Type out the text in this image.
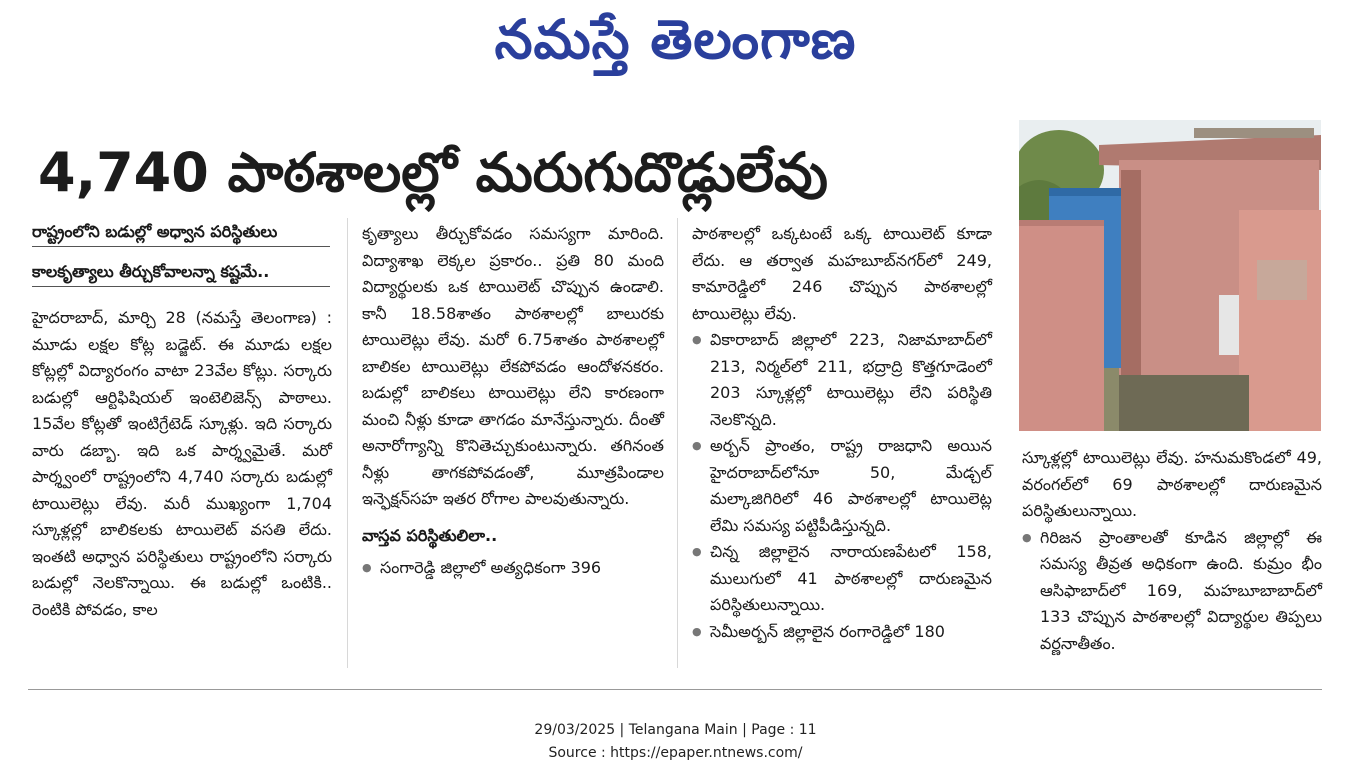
నమస్తే తెలంగాణ
4,740 పాఠశాలల్లో మరుగుదొడ్లులేవు
రాష్ట్రంలోని బడుల్లో అధ్వాన పరిస్థితులు
కాలకృత్యాలు తీర్చుకోవాలన్నా కష్టమే..

హైదరాబాద్, మార్చి 28 (నమస్తే తెలంగాణ) : మూడు లక్షల కోట్ల బడ్జెట్. ఈ మూడు లక్షల కోట్లల్లో విద్యారంగం వాటా 23వేల కోట్లు. సర్కారు బడుల్లో ఆర్టిఫిషియల్ ఇంటెలిజెన్స్ పాఠాలు. 15వేల కోట్లతో ఇంటిగ్రేటెడ్ స్కూళ్లు. ఇది సర్కారు వారు డబ్బా. ఇది ఒక పార్శ్వమైతే. మరో పార్శ్వంలో రాష్ట్రంలోని 4,740 సర్కారు బడుల్లో టాయిలెట్లు లేవు. మరీ ముఖ్యంగా 1,704 స్కూళ్లల్లో బాలికలకు టాయిలెట్ వసతి లేదు. ఇంతటి అధ్వాన పరిస్థితులు రాష్ట్రంలోని సర్కారు బడుల్లో నెలకొన్నాయి. ఈ బడుల్లో ఒంటికి.. రెంటికి పోవడం, కాల

కృత్యాలు తీర్చుకోవడం సమస్యగా మారింది. విద్యాశాఖ లెక్కల ప్రకారం.. ప్రతి 80 మంది విద్యార్థులకు ఒక టాయిలెట్ చొప్పున ఉండాలి. కానీ 18.58శాతం పాఠశాలల్లో బాలురకు టాయిలెట్లు లేవు. మరో 6.75శాతం పాఠశాలల్లో బాలికల టాయిలెట్లు లేకపోవడం ఆందోళనకరం. బడుల్లో బాలికలు టాయిలెట్లు లేని కారణంగా మంచి నీళ్లు కూడా తాగడం మానేస్తున్నారు. దీంతో అనారోగ్యాన్ని కొనితెచ్చుకుంటున్నారు. తగినంత నీళ్లు తాగకపోవడంతో, మూత్రపిండాల ఇన్ఫెక్షన్‌సహ ఇతర రోగాల పాలవుతున్నారు.

వాస్తవ పరిస్థితులిలా..

● సంగారెడ్డి జిల్లాలో అత్యధికంగా 396

పాఠశాలల్లో ఒక్కటంటే ఒక్క టాయిలెట్ కూడా లేదు. ఆ తర్వాత మహబూబ్‌నగర్‌లో 249, కామారెడ్డిలో 246 చొప్పున పాఠశాలల్లో టాయిలెట్లు లేవు.

● వికారాబాద్ జిల్లాలో 223, నిజామాబాద్‌లో 213, నిర్మల్‌లో 211, భద్రాద్రి కొత్తగూడెంలో 203 స్కూళ్లల్లో టాయిలెట్లు లేని పరిస్థితి నెలకొన్నది.

● అర్బన్ ప్రాంతం, రాష్ట్ర రాజధాని అయిన హైదరాబాద్‌లోనూ 50, మేడ్చల్ మల్కాజిగిరిలో 46 పాఠశాలల్లో టాయిలెట్ల లేమి సమస్య పట్టిపీడిస్తున్నది.

● చిన్న జిల్లాలైన నారాయణపేటలో 158, ములుగులో 41 పాఠశాలల్లో దారుణమైన పరిస్థితులున్నాయి.

● సెమీఅర్బన్ జిల్లాలైన రంగారెడ్డిలో 180

స్కూళ్లల్లో టాయిలెట్లు లేవు. హనుమకొండలో 49, వరంగల్‌లో 69 పాఠశాలల్లో దారుణమైన పరిస్థితులున్నాయి.

● గిరిజన ప్రాంతాలతో కూడిన జిల్లాల్లో ఈ సమస్య తీవ్రత అధికంగా ఉంది. కుమ్రం భీం ఆసిఫాబాద్‌లో 169, మహబూబాబాద్‌లో 133 చొప్పున పాఠశాలల్లో విద్యార్థుల తిప్పలు వర్ణనాతీతం.

29/03/2025 | Telangana Main | Page : 11
Source : https://epaper.ntnews.com/
